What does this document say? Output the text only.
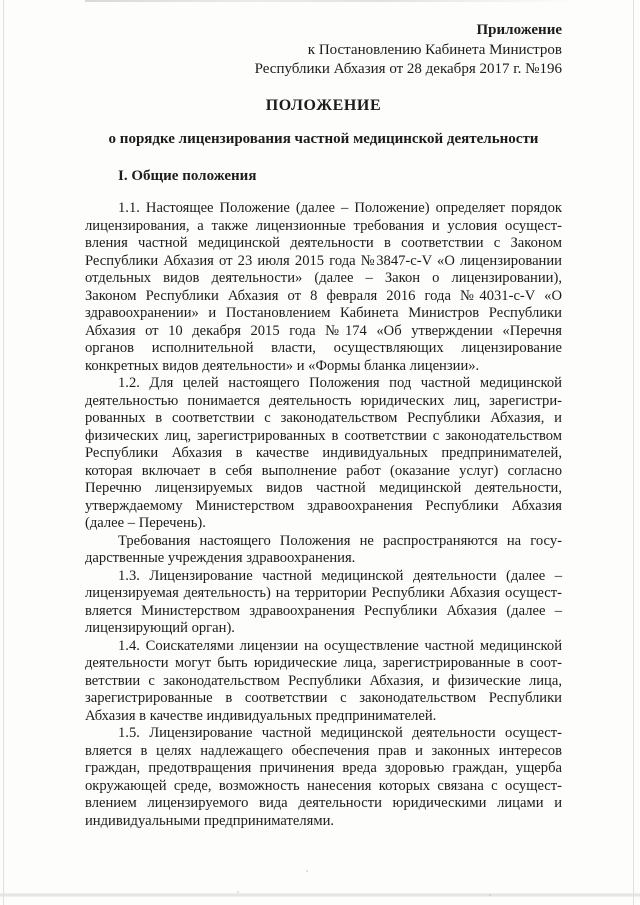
Приложение
к Постановлению Кабинета Министров
Республики Абхазия от 28 декабря 2017 г. №196
ПОЛОЖЕНИЕ
о порядке лицензирования частной медицинской деятельности
I. Общие положения
1.1. Настоящее Положение (далее – Положение) определяет порядок
лицензирования, а также лицензионные требования и условия осущест-
вления частной медицинской деятельности в соответствии с Законом
Республики Абхазия от 23 июля 2015 года №3847-с-V «О лицензировании
отдельных видов деятельности» (далее – Закон о лицензировании),
Законом Республики Абхазия от 8 февраля 2016 года №4031-с-V «О
здравоохранении» и Постановлением Кабинета Министров Республики
Абхазия от 10 декабря 2015 года №174 «Об утверждении «Перечня
органов исполнительной власти, осуществляющих лицензирование
конкретных видов деятельности» и «Формы бланка лицензии».
1.2. Для целей настоящего Положения под частной медицинской
деятельностью понимается деятельность юридических лиц, зарегистри-
рованных в соответствии с законодательством Республики Абхазия, и
физических лиц, зарегистрированных в соответствии с законодательством
Республики Абхазия в качестве индивидуальных предпринимателей,
которая включает в себя выполнение работ (оказание услуг) согласно
Перечню лицензируемых видов частной медицинской деятельности,
утверждаемому Министерством здравоохранения Республики Абхазия
(далее – Перечень).
Требования настоящего Положения не распространяются на госу-
дарственные учреждения здравоохранения.
1.3. Лицензирование частной медицинской деятельности (далее –
лицензируемая деятельность) на территории Республики Абхазия осущест-
вляется Министерством здравоохранения Республики Абхазия (далее –
лицензирующий орган).
1.4. Соискателями лицензии на осуществление частной медицинской
деятельности могут быть юридические лица, зарегистрированные в соот-
ветствии с законодательством Республики Абхазия, и физические лица,
зарегистрированные в соответствии с законодательством Республики
Абхазия в качестве индивидуальных предпринимателей.
1.5. Лицензирование частной медицинской деятельности осущест-
вляется в целях надлежащего обеспечения прав и законных интересов
граждан, предотвращения причинения вреда здоровью граждан, ущерба
окружающей среде, возможность нанесения которых связана с осущест-
влением лицензируемого вида деятельности юридическими лицами и
индивидуальными предпринимателями.
